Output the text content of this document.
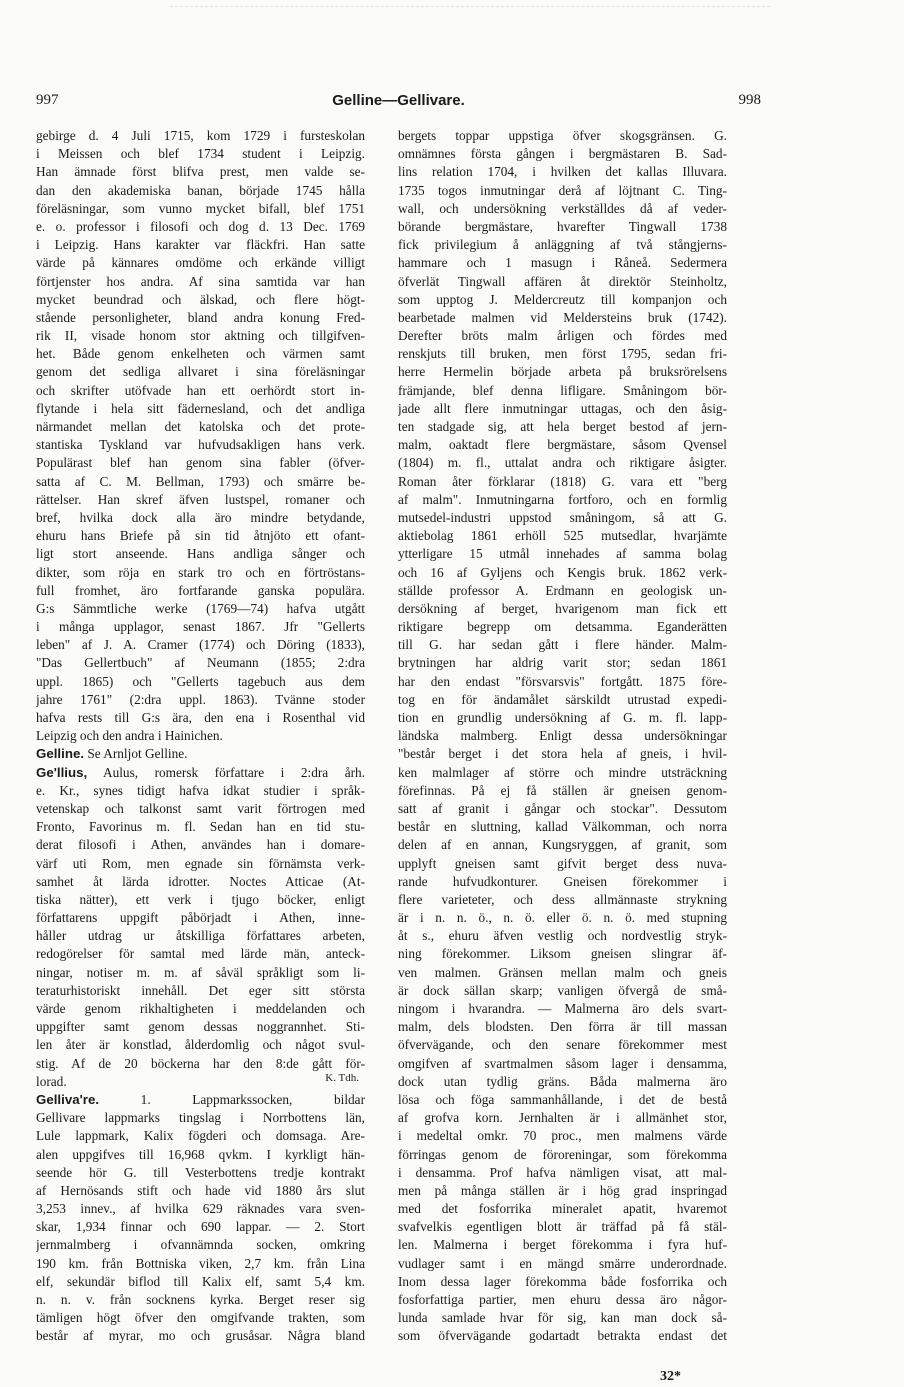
997	Gelline—Gellivare.	998
gebirge d. 4 Juli 1715, kom 1729 i fursteskolan
i Meissen och blef 1734 student i Leipzig.
Han ämnade först blifva prest, men valde se-
dan den akademiska banan, började 1745 hålla
föreläsningar, som vunno mycket bifall, blef 1751
e. o. professor i filosofi och dog d. 13 Dec. 1769
i Leipzig. Hans karakter var fläckfri. Han satte
värde på kännares omdöme och erkände villigt
förtjenster hos andra. Af sina samtida var han
mycket beundrad och älskad, och flere högt-
stående personligheter, bland andra konung Fred-
rik II, visade honom stor aktning och tillgifven-
het. Både genom enkelheten och värmen samt
genom det sedliga allvaret i sina föreläsningar
och skrifter utöfvade han ett oerhördt stort in-
flytande i hela sitt fädernesland, och det andliga
närmandet mellan det katolska och det prote-
stantiska Tyskland var hufvudsakligen hans verk.
Populärast blef han genom sina fabler (öfver-
satta af C. M. Bellman, 1793) och smärre be-
rättelser. Han skref äfven lustspel, romaner och
bref, hvilka dock alla äro mindre betydande,
ehuru hans Briefe på sin tid åtnjöto ett ofant-
ligt stort anseende. Hans andliga sånger och
dikter, som röja en stark tro och en förtröstans-
full fromhet, äro fortfarande ganska populära.
G:s Sämmtliche werke (1769—74) hafva utgått
i många upplagor, senast 1867. Jfr "Gellerts
leben" af J. A. Cramer (1774) och Döring (1833),
"Das Gellertbuch" af Neumann (1855; 2:dra
uppl. 1865) och "Gellerts tagebuch aus dem
jahre 1761" (2:dra uppl. 1863). Tvänne stoder
hafva rests till G:s ära, den ena i Rosenthal vid
Leipzig och den andra i Hainichen.
Gelline. Se Arnljot Gelline.
Ge'llius, Aulus, romersk författare i 2:dra årh.
e. Kr., synes tidigt hafva idkat studier i språk-
vetenskap och talkonst samt varit förtrogen med
Fronto, Favorinus m. fl. Sedan han en tid stu-
derat filosofi i Athen, användes han i domare-
värf uti Rom, men egnade sin förnämsta verk-
samhet åt lärda idrotter. Noctes Atticae (At-
tiska nätter), ett verk i tjugo böcker, enligt
författarens uppgift påbörjadt i Athen, inne-
håller utdrag ur åtskilliga författares arbeten,
redogörelser för samtal med lärde män, anteck-
ningar, notiser m. m. af såväl språkligt som li-
teraturhistoriskt innehåll. Det eger sitt största
värde genom rikhaltigheten i meddelanden och
uppgifter samt genom dessas noggrannhet. Sti-
len åter är konstlad, ålderdomlig och något svul-
stig. Af de 20 böckerna har den 8:de gått för-
lorad.	K. Tdh.
Gelliva're. 1. Lappmarkssocken, bildar
Gellivare lappmarks tingslag i Norrbottens län,
Lule lappmark, Kalix fögderi och domsaga. Are-
alen uppgifves till 16,968 qvkm. I kyrkligt hän-
seende hör G. till Vesterbottens tredje kontrakt
af Hernösands stift och hade vid 1880 års slut
3,253 innev., af hvilka 629 räknades vara sven-
skar, 1,934 finnar och 690 lappar. — 2. Stort
jernmalmberg i ofvannämnda socken, omkring
190 km. från Bottniska viken, 2,7 km. från Lina
elf, sekundär biflod till Kalix elf, samt 5,4 km.
n. n. v. från socknens kyrka. Berget reser sig
tämligen högt öfver den omgifvande trakten, som
består af myrar, mo och grusåsar. Några bland
bergets toppar uppstiga öfver skogsgränsen. G.
omnämnes första gången i bergmästaren B. Sad-
lins relation 1704, i hvilken det kallas Illuvara.
1735 togos inmutningar derå af löjtnant C. Ting-
wall, och undersökning verkställdes då af veder-
börande bergmästare, hvarefter Tingwall 1738
fick privilegium å anläggning af två stångjerns-
hammare och 1 masugn i Råneå. Sedermera
öfverlät Tingwall affären åt direktör Steinholtz,
som upptog J. Meldercreutz till kompanjon och
bearbetade malmen vid Meldersteins bruk (1742).
Derefter bröts malm årligen och fördes med
renskjuts till bruken, men först 1795, sedan fri-
herre Hermelin började arbeta på bruksrörelsens
främjande, blef denna lifligare. Småningom bör-
jade allt flere inmutningar uttagas, och den åsig-
ten stadgade sig, att hela berget bestod af jern-
malm, oaktadt flere bergmästare, såsom Qvensel
(1804) m. fl., uttalat andra och riktigare åsigter.
Roman åter förklarar (1818) G. vara ett "berg
af malm". Inmutningarna fortforo, och en formlig
mutsedel-industri uppstod småningom, så att G.
aktiebolag 1861 erhöll 525 mutsedlar, hvarjämte
ytterligare 15 utmål innehades af samma bolag
och 16 af Gyljens och Kengis bruk. 1862 verk-
ställde professor A. Erdmann en geologisk un-
dersökning af berget, hvarigenom man fick ett
riktigare begrepp om detsamma. Eganderätten
till G. har sedan gått i flere händer. Malm-
brytningen har aldrig varit stor; sedan 1861
har den endast "försvarsvis" fortgått. 1875 före-
tog en för ändamålet särskildt utrustad expedi-
tion en grundlig undersökning af G. m. fl. lapp-
ländska malmberg. Enligt dessa undersökningar
"består berget i det stora hela af gneis, i hvil-
ken malmlager af större och mindre utsträckning
förefinnas. På ej få ställen är gneisen genom-
satt af granit i gångar och stockar". Dessutom
består en sluttning, kallad Välkomman, och norra
delen af en annan, Kungsryggen, af granit, som
upplyft gneisen samt gifvit berget dess nuva-
rande hufvudkonturer. Gneisen förekommer i
flere varieteter, och dess allmännaste strykning
är i n. n. ö., n. ö. eller ö. n. ö. med stupning
åt s., ehuru äfven vestlig och nordvestlig stryk-
ning förekommer. Liksom gneisen slingrar äf-
ven malmen. Gränsen mellan malm och gneis
är dock sällan skarp; vanligen öfvergå de små-
ningom i hvarandra. — Malmerna äro dels svart-
malm, dels blodsten. Den förra är till massan
öfvervägande, och den senare förekommer mest
omgifven af svartmalmen såsom lager i densamma,
dock utan tydlig gräns. Båda malmerna äro
lösa och föga sammanhållande, i det de bestå
af grofva korn. Jernhalten är i allmänhet stor,
i medeltal omkr. 70 proc., men malmens värde
förringas genom de föroreningar, som förekomma
i densamma. Prof hafva nämligen visat, att mal-
men på många ställen är i hög grad inspringad
med det fosforrika mineralet apatit, hvaremot
svafvelkis egentligen blott är träffad på få stäl-
len. Malmerna i berget förekomma i fyra huf-
vudlager samt i en mängd smärre underordnade.
Inom dessa lager förekomma både fosforrika och
fosforfattiga partier, men ehuru dessa äro någor-
lunda samlade hvar för sig, kan man dock så-
som öfvervägande godartadt betrakta endast det
32*
